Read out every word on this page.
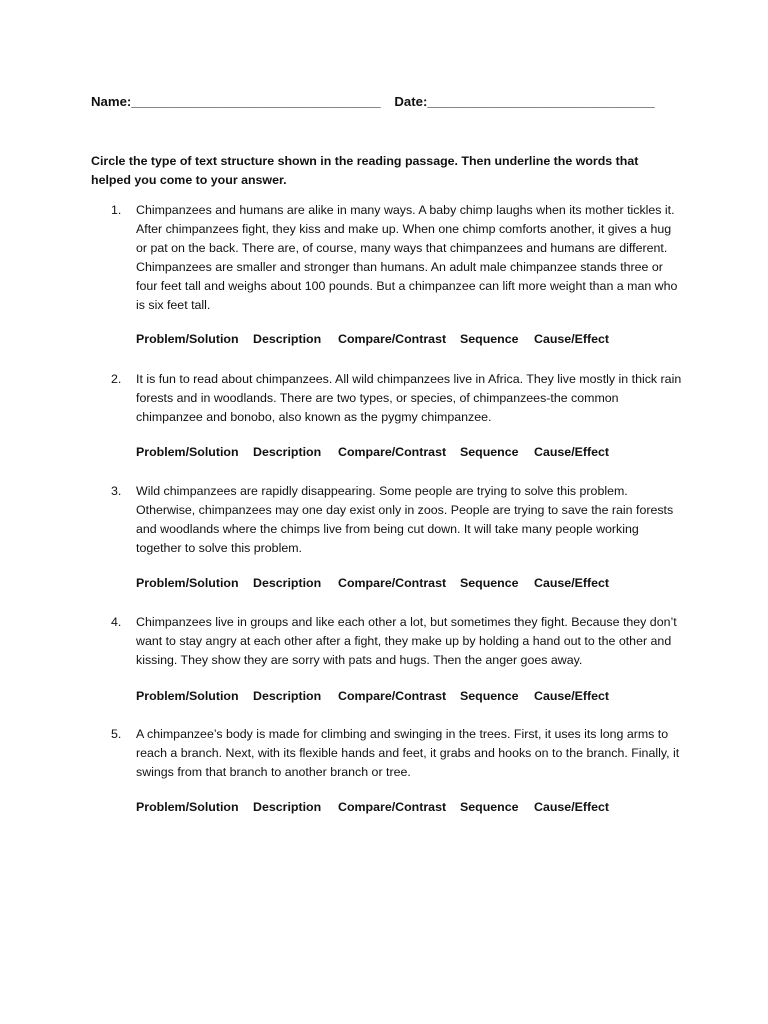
Name:__________________________________ Date:_______________________________
Circle the type of text structure shown in the reading passage. Then underline the words that helped you come to your answer.
1. Chimpanzees and humans are alike in many ways. A baby chimp laughs when its mother tickles it. After chimpanzees fight, they kiss and make up. When one chimp comforts another, it gives a hug or pat on the back. There are, of course, many ways that chimpanzees and humans are different. Chimpanzees are smaller and stronger than humans. An adult male chimpanzee stands three or four feet tall and weighs about 100 pounds. But a chimpanzee can lift more weight than a man who is six feet tall.
Problem/Solution Description Compare/Contrast Sequence Cause/Effect
2. It is fun to read about chimpanzees. All wild chimpanzees live in Africa. They live mostly in thick rain forests and in woodlands. There are two types, or species, of chimpanzees-the common chimpanzee and bonobo, also known as the pygmy chimpanzee.
Problem/Solution Description Compare/Contrast Sequence Cause/Effect
3. Wild chimpanzees are rapidly disappearing. Some people are trying to solve this problem. Otherwise, chimpanzees may one day exist only in zoos. People are trying to save the rain forests and woodlands where the chimps live from being cut down. It will take many people working together to solve this problem.
Problem/Solution Description Compare/Contrast Sequence Cause/Effect
4. Chimpanzees live in groups and like each other a lot, but sometimes they fight. Because they don’t want to stay angry at each other after a fight, they make up by holding a hand out to the other and kissing. They show they are sorry with pats and hugs. Then the anger goes away.
Problem/Solution Description Compare/Contrast Sequence Cause/Effect
5. A chimpanzee’s body is made for climbing and swinging in the trees. First, it uses its long arms to reach a branch. Next, with its flexible hands and feet, it grabs and hooks on to the branch. Finally, it swings from that branch to another branch or tree.
Problem/Solution Description Compare/Contrast Sequence Cause/Effect
